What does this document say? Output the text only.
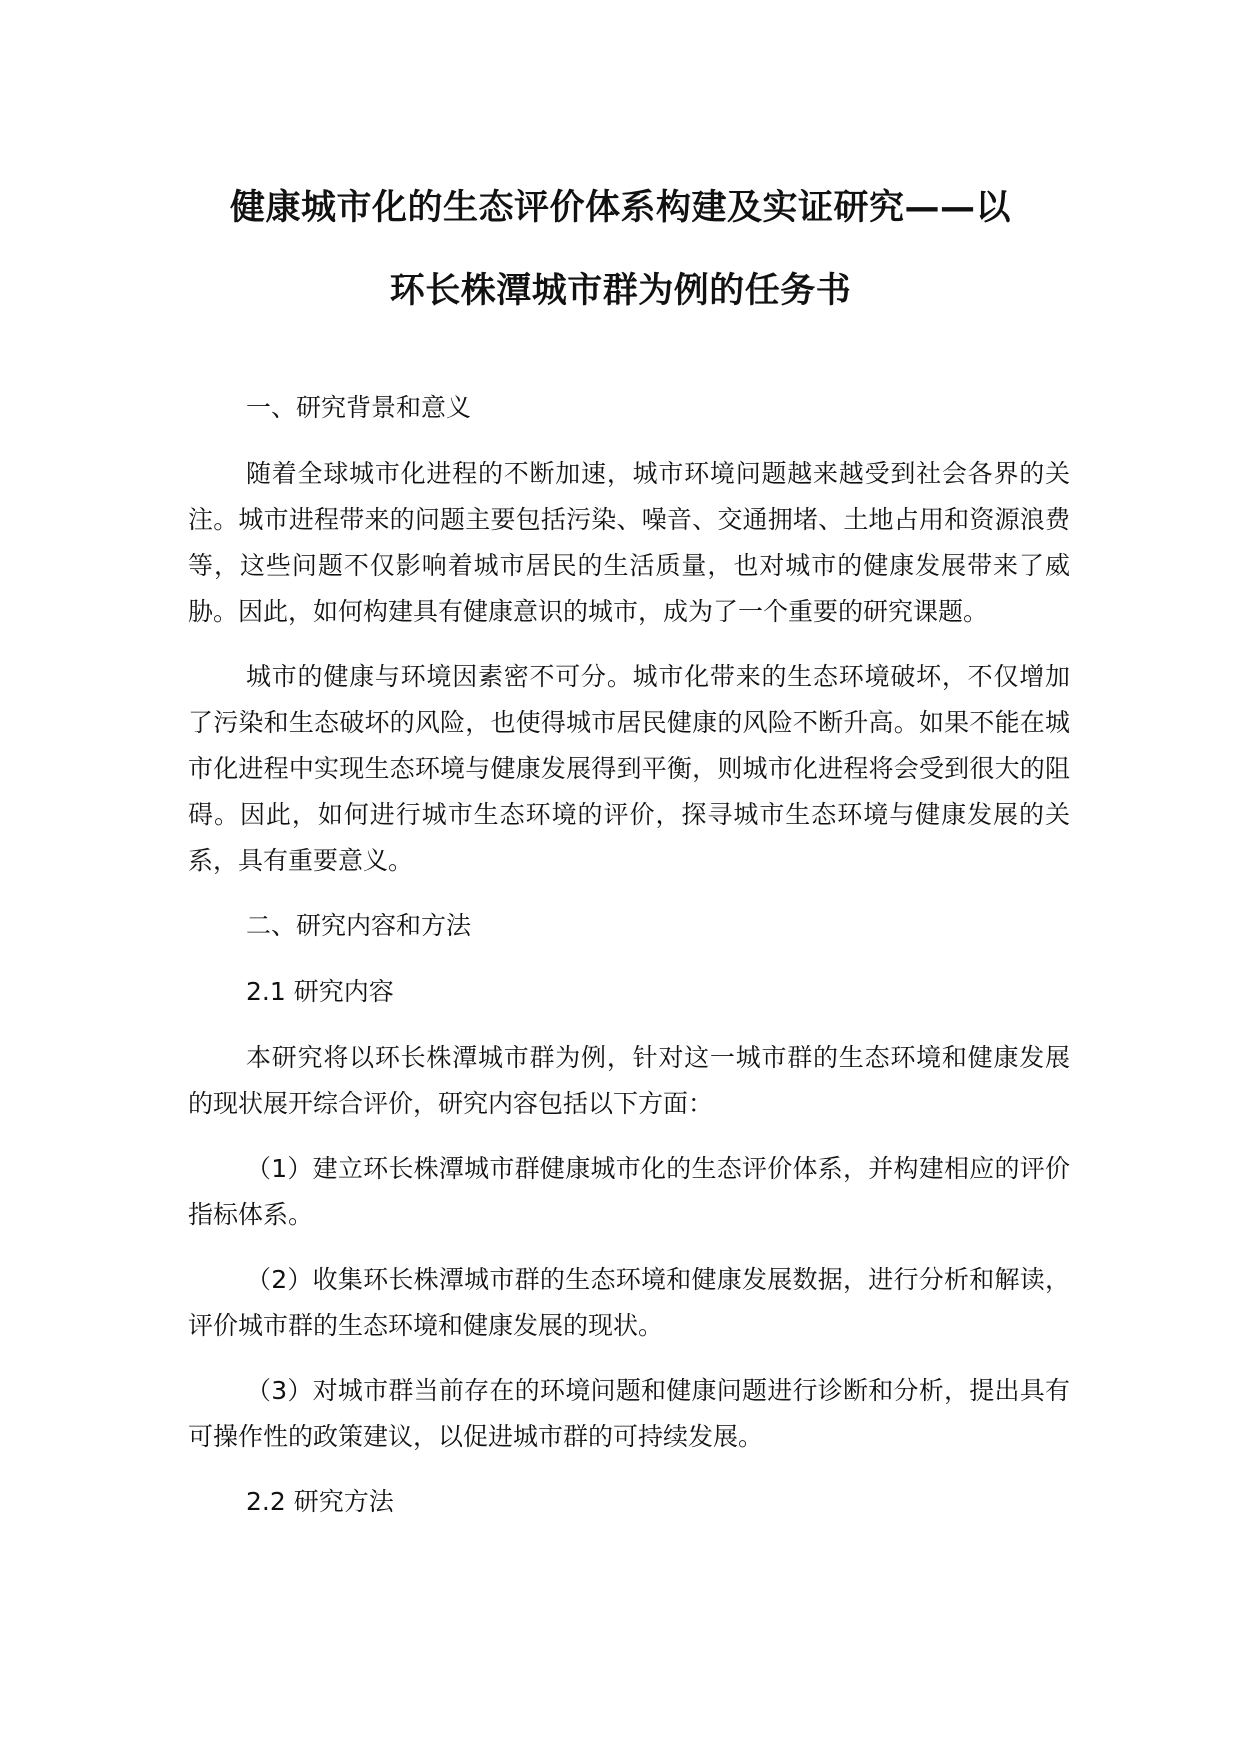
健康城市化的生态评价体系构建及实证研究——以
环长株潭城市群为例的任务书

一、研究背景和意义

随着全球城市化进程的不断加速，城市环境问题越来越受到社会各界的关注。城市进程带来的问题主要包括污染、噪音、交通拥堵、土地占用和资源浪费等，这些问题不仅影响着城市居民的生活质量，也对城市的健康发展带来了威胁。因此，如何构建具有健康意识的城市，成为了一个重要的研究课题。

城市的健康与环境因素密不可分。城市化带来的生态环境破坏，不仅增加了污染和生态破坏的风险，也使得城市居民健康的风险不断升高。如果不能在城市化进程中实现生态环境与健康发展得到平衡，则城市化进程将会受到很大的阻碍。因此，如何进行城市生态环境的评价，探寻城市生态环境与健康发展的关系，具有重要意义。

二、研究内容和方法

2.1 研究内容

本研究将以环长株潭城市群为例，针对这一城市群的生态环境和健康发展的现状展开综合评价，研究内容包括以下方面：

（1）建立环长株潭城市群健康城市化的生态评价体系，并构建相应的评价指标体系。

（2）收集环长株潭城市群的生态环境和健康发展数据，进行分析和解读，评价城市群的生态环境和健康发展的现状。

（3）对城市群当前存在的环境问题和健康问题进行诊断和分析，提出具有可操作性的政策建议，以促进城市群的可持续发展。

2.2 研究方法
